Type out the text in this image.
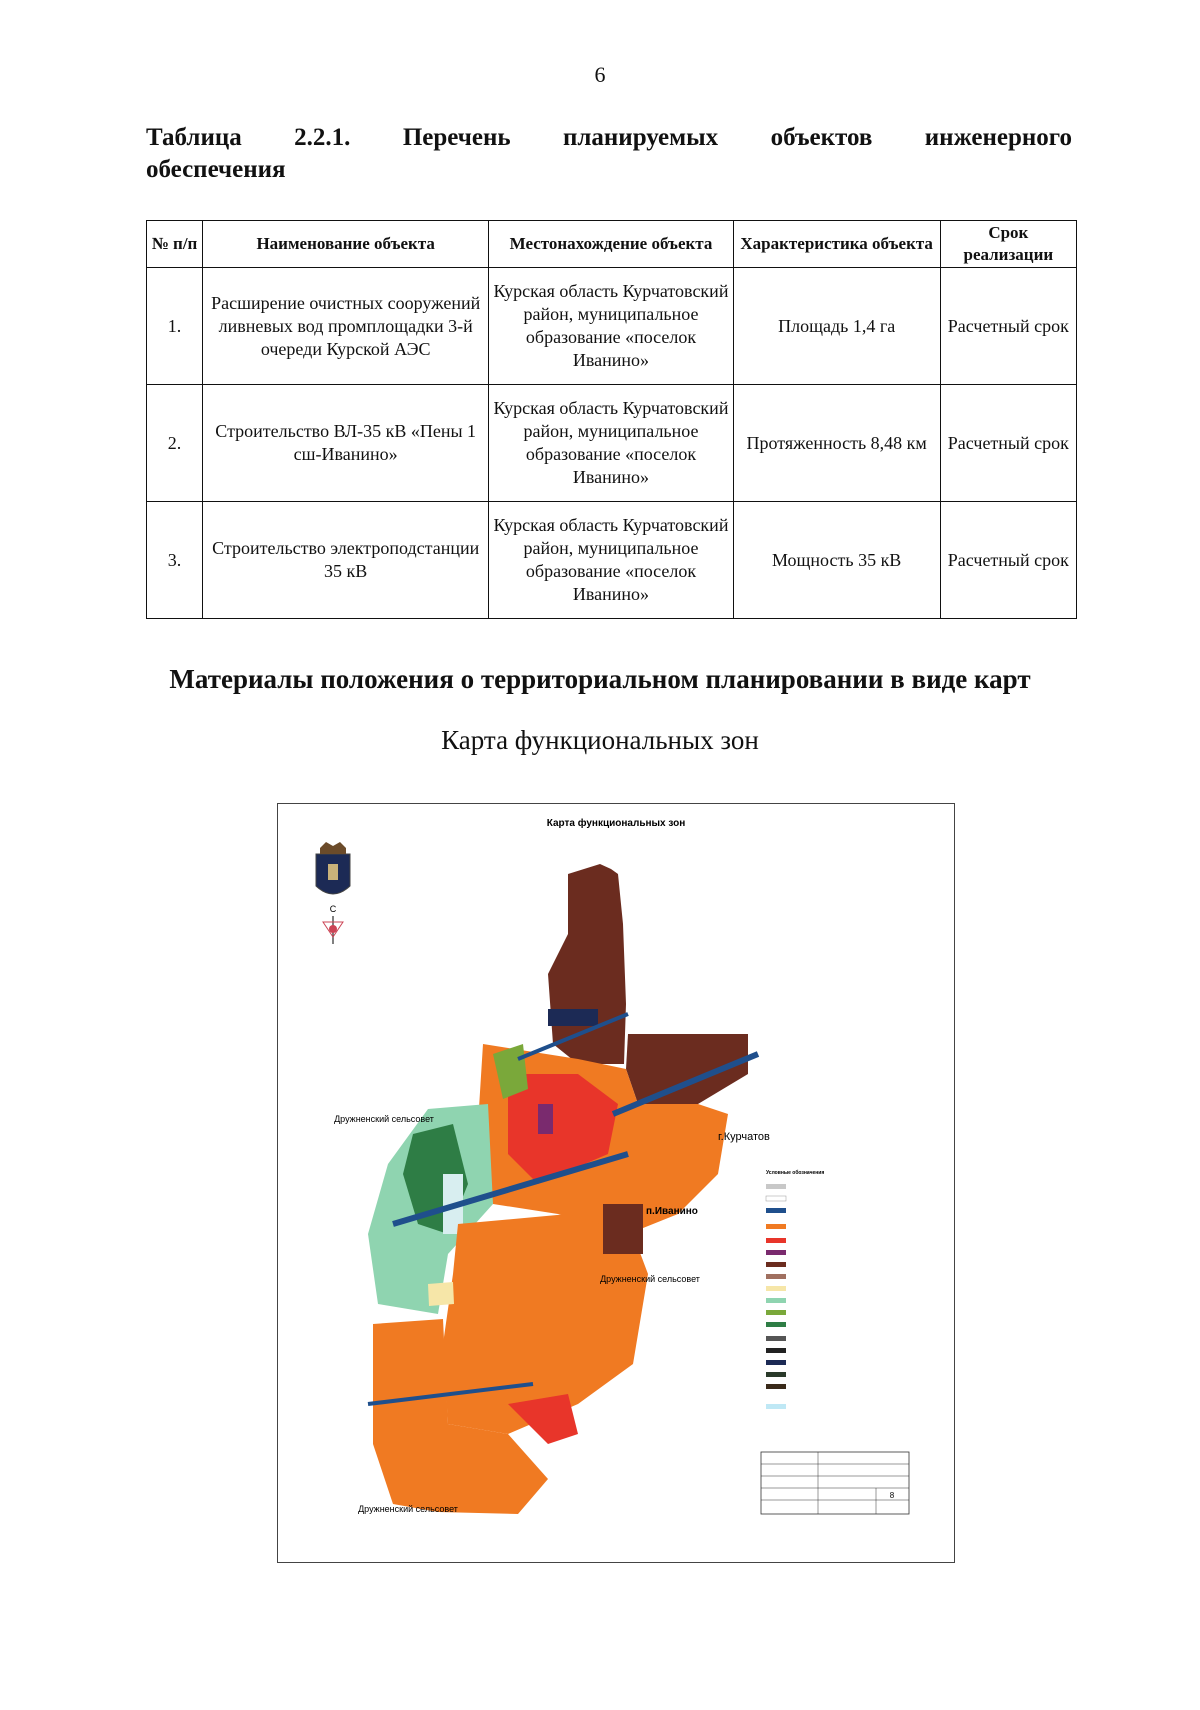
6
Таблица 2.2.1. Перечень планируемых объектов инженерного
обеспечения
№ п/п	Наименование объекта	Местонахождение объекта	Характеристика объекта	Срок реализации
1.	Расширение очистных сооружений ливневых вод промплощадки 3-й очереди Курской АЭС	Курская область Курчатовский район, муниципальное образование «поселок Иванино»	Площадь 1,4 га	Расчетный срок
2.	Строительство ВЛ-35 кВ «Пены 1 сш-Иванино»	Курская область Курчатовский район, муниципальное образование «поселок Иванино»	Протяженность 8,48 км	Расчетный срок
3.	Строительство электроподстанции 35 кВ	Курская область Курчатовский район, муниципальное образование «поселок Иванино»	Мощность 35 кВ	Расчетный срок
Материалы положения о территориальном планировании в виде карт
Карта функциональных зон
Карта функциональных зон
С
Дружненский сельсовет
г.Курчатов
п.Иванино
Дружненский сельсовет
Дружненский сельсовет
Условные обозначения
8
